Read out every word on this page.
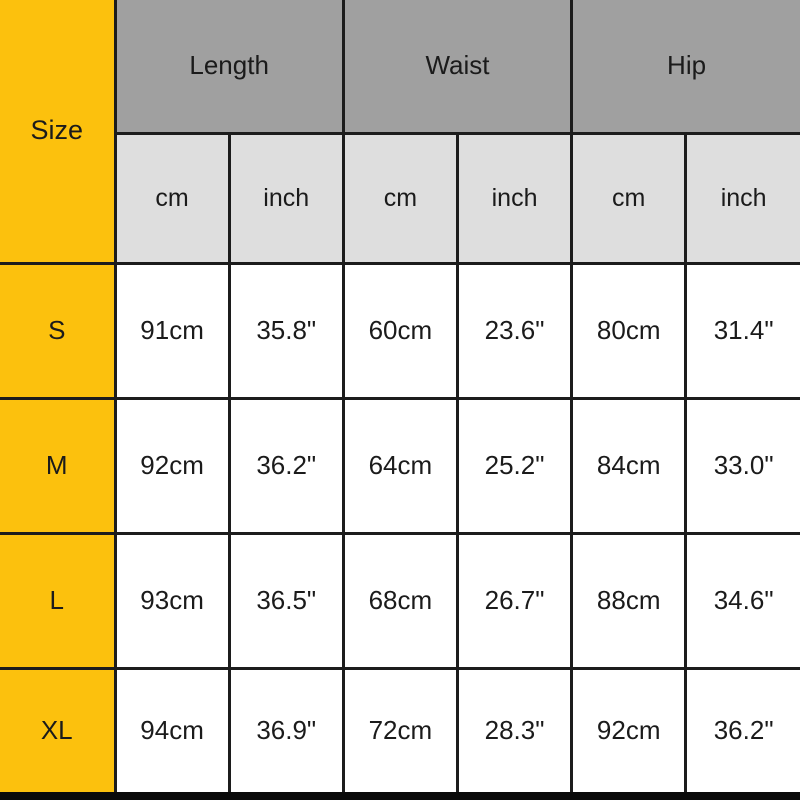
Size	Length		Waist		Hip	
	cm	inch	cm	inch	cm	inch
S	91cm	35.8"	60cm	23.6"	80cm	31.4"
M	92cm	36.2"	64cm	25.2"	84cm	33.0"
L	93cm	36.5"	68cm	26.7"	88cm	34.6"
XL	94cm	36.9"	72cm	28.3"	92cm	36.2"
